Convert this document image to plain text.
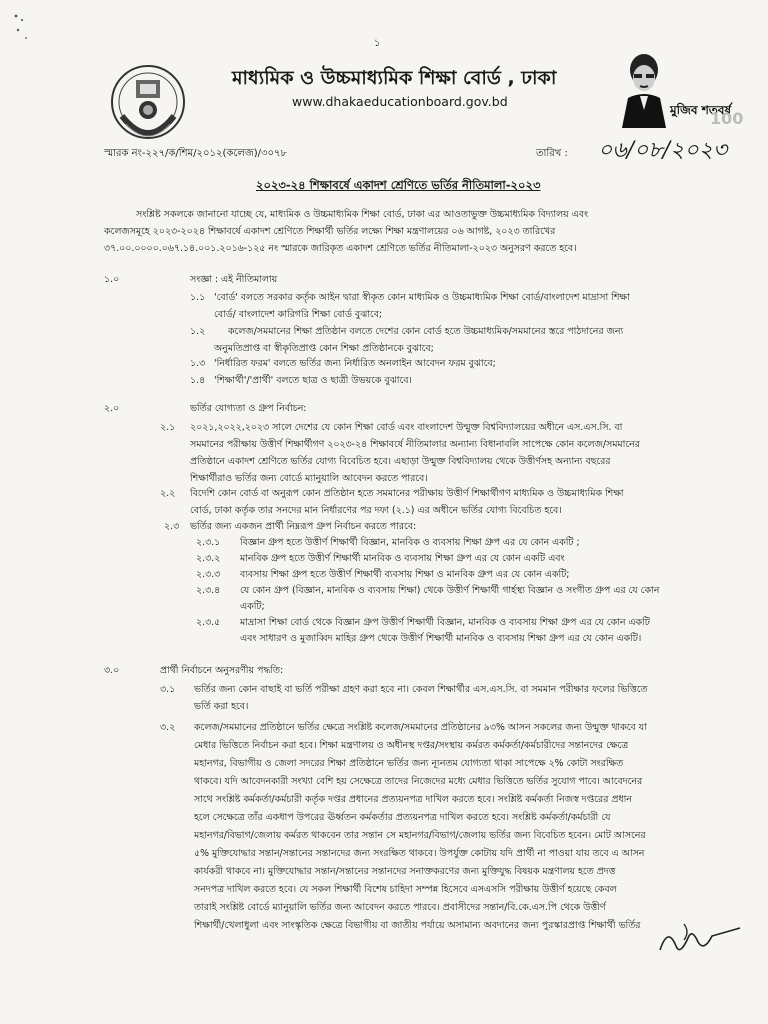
১
মাধ্যমিক ও উচ্চমাধ্যমিক শিক্ষা বোর্ড , ঢাকা
www.dhakaeducationboard.gov.bd
মুজিব শতবর্ষ
100
স্মারক নং-২২৭/ক/শিম/২০১২(কলেজ)/৩০৭৮	তারিখ : ০৬/০৮/২০২৩
২০২৩-২৪ শিক্ষাবর্ষে একাদশ শ্রেণিতে ভর্তির নীতিমালা-২০২৩
সংশ্লিষ্ট সকলকে জানানো যাচ্ছে যে, মাধ্যমিক ও উচ্চমাধ্যমিক শিক্ষা বোর্ড, ঢাকা এর আওতাভুক্ত উচ্চমাধ্যমিক বিদ্যালয় এবং
কলেজসমূহে ২০২৩-২০২৪ শিক্ষাবর্ষে একাদশ শ্রেণিতে শিক্ষার্থী ভর্তির লক্ষ্যে শিক্ষা মন্ত্রণালয়ের ০৬ আগষ্ট, ২০২৩ তারিখের
৩৭.০০.০০০০.০৬৭.১৪.০০১.২০১৬-১২৫ নং স্মারকে জারিকৃত একাদশ শ্রেণিতে ভর্তির নীতিমালা-২০২৩ অনুসরণ করতে হবে।
১.০	সংজ্ঞা : এই নীতিমালায়
১.১ 'বোর্ড' বলতে সরকার কর্তৃক আইন দ্বারা স্বীকৃত কোন মাধ্যমিক ও উচ্চমাধ্যমিক শিক্ষা বোর্ড/বাংলাদেশ মাদ্রাসা শিক্ষা
বোর্ড/ বাংলাদেশ কারিগরি শিক্ষা বোর্ড বুঝাবে;
১.২ কলেজ/সমমানের শিক্ষা প্রতিষ্ঠান বলতে দেশের কোন বোর্ড হতে উচ্চমাধ্যমিক/সমমানের স্তরে পাঠদানের জন্য
অনুমতিপ্রাপ্ত বা স্বীকৃতিপ্রাপ্ত কোন শিক্ষা প্রতিষ্ঠানকে বুঝাবে;
১.৩ 'নির্ধারিত ফরম' বলতে ভর্তির জন্য নির্ধারিত অনলাইন আবেদন ফরম বুঝাবে;
১.৪ 'শিক্ষার্থী'/'প্রার্থী' বলতে ছাত্র ও ছাত্রী উভয়কে বুঝাবে।
২.০	ভর্তির যোগ্যতা ও গ্রুপ নির্বাচন:
২.১ ২০২১,২০২২,২০২৩ সালে দেশের যে কোন শিক্ষা বোর্ড এবং বাংলাদেশ উন্মুক্ত বিশ্ববিদ্যালয়ের অধীনে এস.এস.সি. বা
সমমানের পরীক্ষায় উত্তীর্ণ শিক্ষার্থীগণ ২০২৩-২৪ শিক্ষাবর্ষে নীতিমালার অন্যান্য বিধানাবলি সাপেক্ষে কোন কলেজ/সমমানের
প্রতিষ্ঠানে একাদশ শ্রেণিতে ভর্তির যোগ্য বিবেচিত হবে। এছাড়া উন্মুক্ত বিশ্ববিদ্যালয় থেকে উত্তীর্ণসহ অন্যান্য বছরের
শিক্ষার্থীরাও ভর্তির জন্য বোর্ডে ম্যানুয়ালি আবেদন করতে পারবে।
২.২ বিদেশি কোন বোর্ড বা অনুরূপ কোন প্রতিষ্ঠান হতে সমমানের পরীক্ষায় উত্তীর্ণ শিক্ষার্থীগণ মাধ্যমিক ও উচ্চমাধ্যমিক শিক্ষা
বোর্ড, ঢাকা কর্তৃক তার সনদের মান নির্ধারণের পর দফা (২.১) এর অধীনে ভর্তির যোগ্য বিবেচিত হবে।
২.৩ ভর্তির জন্য একজন প্রার্থী নিম্নরূপ গ্রুপ নির্বাচন করতে পারবে:
২.৩.১ বিজ্ঞান গ্রুপ হতে উত্তীর্ণ শিক্ষার্থী বিজ্ঞান, মানবিক ও ব্যবসায় শিক্ষা গ্রুপ এর যে কোন একটি ;
২.৩.২ মানবিক গ্রুপ হতে উত্তীর্ণ শিক্ষার্থী মানবিক ও ব্যবসায় শিক্ষা গ্রুপ এর যে কোন একটি এবং
২.৩.৩ ব্যবসায় শিক্ষা গ্রুপ হতে উত্তীর্ণ শিক্ষার্থী ব্যবসায় শিক্ষা ও মানবিক গ্রুপ এর যে কোন একটি;
২.৩.৪ যে কোন গ্রুপ (বিজ্ঞান, মানবিক ও ব্যবসায় শিক্ষা) থেকে উত্তীর্ণ শিক্ষার্থী গার্হস্থ্য বিজ্ঞান ও সংগীত গ্রুপ এর যে কোন
একটি;
২.৩.৫ মাদ্রাসা শিক্ষা বোর্ড থেকে বিজ্ঞান গ্রুপ উত্তীর্ণ শিক্ষার্থী বিজ্ঞান, মানবিক ও ব্যবসায় শিক্ষা গ্রুপ এর যে কোন একটি
এবং সাধারণ ও মুজাব্বিদ মাহির গ্রুপ থেকে উত্তীর্ণ শিক্ষার্থী মানবিক ও ব্যবসায় শিক্ষা গ্রুপ এর যে কোন একটি।
৩.০	প্রার্থী নির্বাচনে অনুসরণীয় পদ্ধতি:
৩.১ ভর্তির জন্য কোন বাছাই বা ভর্তি পরীক্ষা গ্রহণ করা হবে না। কেবল শিক্ষার্থীর এস.এস.সি. বা সমমান পরীক্ষার ফলের ভিত্তিতে
ভর্তি করা হবে।
৩.২ কলেজ/সমমানের প্রতিষ্ঠানে ভর্তির ক্ষেত্রে সংশ্লিষ্ট কলেজ/সমমানের প্রতিষ্ঠানের ৯৩% আসন সকলের জন্য উন্মুক্ত থাকবে যা
মেধার ভিত্তিতে নির্বাচন করা হবে। শিক্ষা মন্ত্রণালয় ও অধীনস্থ দপ্তর/সংস্থায় কর্মরত কর্মকর্তা/কর্মচারীদের সন্তানদের ক্ষেত্রে
মহানগর, বিভাগীয় ও জেলা সদরের শিক্ষা প্রতিষ্ঠানে ভর্তির জন্য ন্যূনতম যোগ্যতা থাকা সাপেক্ষে ২% কোটা সংরক্ষিত
থাকবে। যদি আবেদনকারী সংখ্যা বেশি হয় সেক্ষেত্রে তাদের নিজেদের মধ্যে মেধার ভিত্তিতে ভর্তির সুযোগ পাবে। আবেদনের
সাথে সংশ্লিষ্ট কর্মকর্তা/কর্মচারী কর্তৃক দপ্তর প্রধানের প্রত্যয়নপত্র দাখিল করতে হবে। সংশ্লিষ্ট কর্মকর্তা নিজস্ব দপ্তরের প্রধান
হলে সেক্ষেত্রে তাঁর একধাপ উপরের ঊর্ধ্বতন কর্মকর্তার প্রত্যয়নপত্র দাখিল করতে হবে। সংশ্লিষ্ট কর্মকর্তা/কর্মচারী যে
মহানগর/বিভাগ/জেলায় কর্মরত থাকবেন তার সন্তান সে মহানগর/বিভাগ/জেলায় ভর্তির জন্য বিবেচিত হবেন। মোট আসনের
৫% মুক্তিযোদ্ধার সন্তান/সন্তানের সন্তানদের জন্য সংরক্ষিত থাকবে। উপর্যুক্ত কোটায় যদি প্রার্থী না পাওয়া যায় তবে এ আসন
কার্যকরী থাকবে না। মুক্তিযোদ্ধার সন্তান/সন্তানের সন্তানদের সনাক্তকরণের জন্য মুক্তিযুদ্ধ বিষয়ক মন্ত্রণালয় হতে প্রদত্ত
সনদপত্র দাখিল করতে হবে। যে সকল শিক্ষার্থী বিশেষ চাহিদা সম্পন্ন হিসেবে এসএসসি পরীক্ষায় উত্তীর্ণ হয়েছে কেবল
তারাই সংশ্লিষ্ট বোর্ডে ম্যানুয়ালি ভর্তির জন্য আবেদন করতে পারবে। প্রবাসীদের সন্তান/বি.কে.এস.পি থেকে উত্তীর্ণ
শিক্ষার্থী/খেলাধুলা এবং সাংস্কৃতিক ক্ষেত্রে বিভাগীয় বা জাতীয় পর্যায়ে অসামান্য অবদানের জন্য পুরস্কারপ্রাপ্ত শিক্ষার্থী ভর্তির
